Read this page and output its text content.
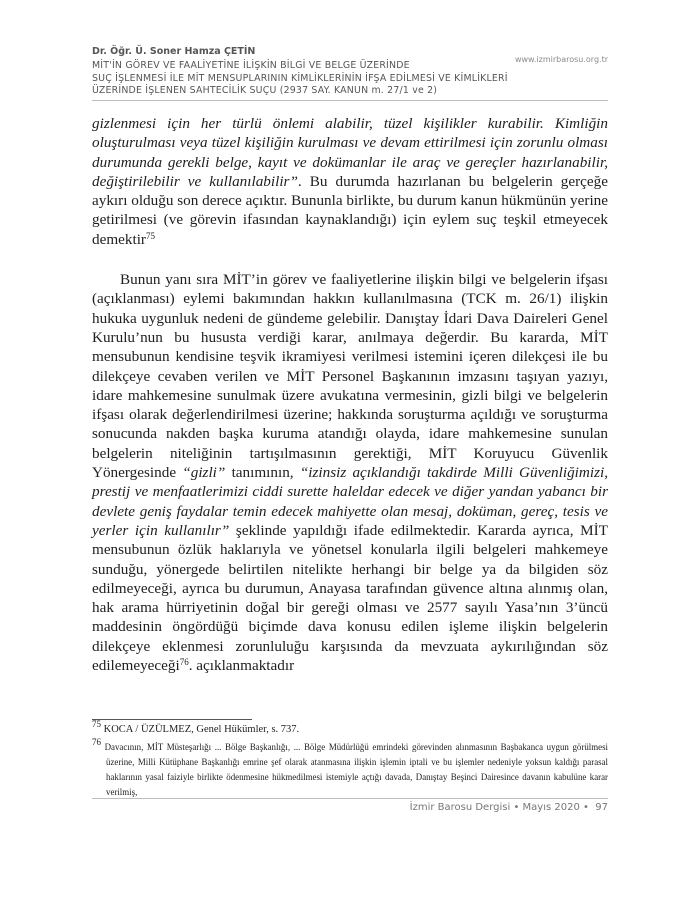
Dr. Öğr. Ü. Soner Hamza ÇETİN
www.izmirbarosu.org.tr
MİT'İN GÖREV VE FAALİYETİNE İLİŞKİN BİLGİ VE BELGE ÜZERİNDE
SUÇ İŞLENMESİ İLE MİT MENSUPLARININ KİMLİKLERİNİN İFŞA EDİLMESİ VE KİMLİKLERİ
ÜZERİNDE İŞLENEN SAHTECİLİK SUÇU (2937 SAY. KANUN m. 27/1 ve 2)

gizlenmesi için her türlü önlemi alabilir, tüzel kişilikler kurabilir. Kimliğin oluşturulması veya tüzel kişiliğin kurulması ve devam ettirilmesi için zorunlu olması durumunda gerekli belge, kayıt ve dokümanlar ile araç ve gereçler hazırlanabilir, değiştirilebilir ve kullanılabilir”. Bu durumda hazırlanan bu belgelerin gerçeğe aykırı olduğu son derece açıktır. Bununla birlikte, bu durum kanun hükmünün yerine getirilmesi (ve görevin ifasından kaynaklandığı) için eylem suç teşkil etmeyecek demektir$^{75}$

Bunun yanı sıra MİT’in görev ve faaliyetlerine ilişkin bilgi ve belgelerin ifşası (açıklanması) eylemi bakımından hakkın kullanılmasına (TCK m. 26/1) ilişkin hukuka uygunluk nedeni de gündeme gelebilir. Danıştay İdari Dava Daireleri Genel Kurulu’nun bu hususta verdiği karar, anılmaya değerdir. Bu kararda, MİT mensubunun kendisine teşvik ikramiyesi verilmesi istemini içeren dilekçesi ile bu dilekçeye cevaben verilen ve MİT Personel Başkanının imzasını taşıyan yazıyı, idare mahkemesine sunulmak üzere avukatına vermesinin, gizli bilgi ve belgelerin ifşası olarak değerlendirilmesi üzerine; hakkında soruşturma açıldığı ve soruşturma sonucunda nakden başka kuruma atandığı olayda, idare mahkemesine sunulan belgelerin niteliğinin tartışılmasının gerektiği, MİT Koruyucu Güvenlik Yönergesinde “gizli” tanımının, “izinsiz açıklandığı takdirde Milli Güvenliğimizi, prestij ve menfaatlerimizi ciddi surette haleldar edecek ve diğer yandan yabancı bir devlete geniş faydalar temin edecek mahiyette olan mesaj, doküman, gereç, tesis ve yerler için kullanılır” şeklinde yapıldığı ifade edilmektedir. Kararda ayrıca, MİT mensubunun özlük haklarıyla ve yönetsel konularla ilgili belgeleri mahkemeye sunduğu, yönergede belirtilen nitelikte herhangi bir belge ya da bilgiden söz edilmeyeceği, ayrıca bu durumun, Anayasa tarafından güvence altına alınmış olan, hak arama hürriyetinin doğal bir gereği olması ve 2577 sayılı Yasa’nın 3’üncü maddesinin öngördüğü biçimde dava konusu edilen işleme ilişkin belgelerin dilekçeye eklenmesi zorunluluğu karşısında da mevzuata aykırılığından söz edilemeyeceği$^{76}$. açıklanmaktadır

$^{75}$ KOCA / ÜZÜLMEZ, Genel Hükümler, s. 737.
$^{76}$ Davacının, MİT Müsteşarlığı ... Bölge Başkanlığı, ... Bölge Müdürlüğü emrindeki görevinden alınmasının Başbakanca uygun görülmesi üzerine, Milli Kütüphane Başkanlığı emrine şef olarak atanmasına ilişkin işlemin iptali ve bu işlemler nedeniyle yoksun kaldığı parasal haklarının yasal faiziyle birlikte ödenmesine hükmedilmesi istemiyle açtığı davada, Danıştay Beşinci Dairesince davanın kabulüne karar verilmiş,
İzmir Barosu Dergisi • Mayıs 2020 •  97
